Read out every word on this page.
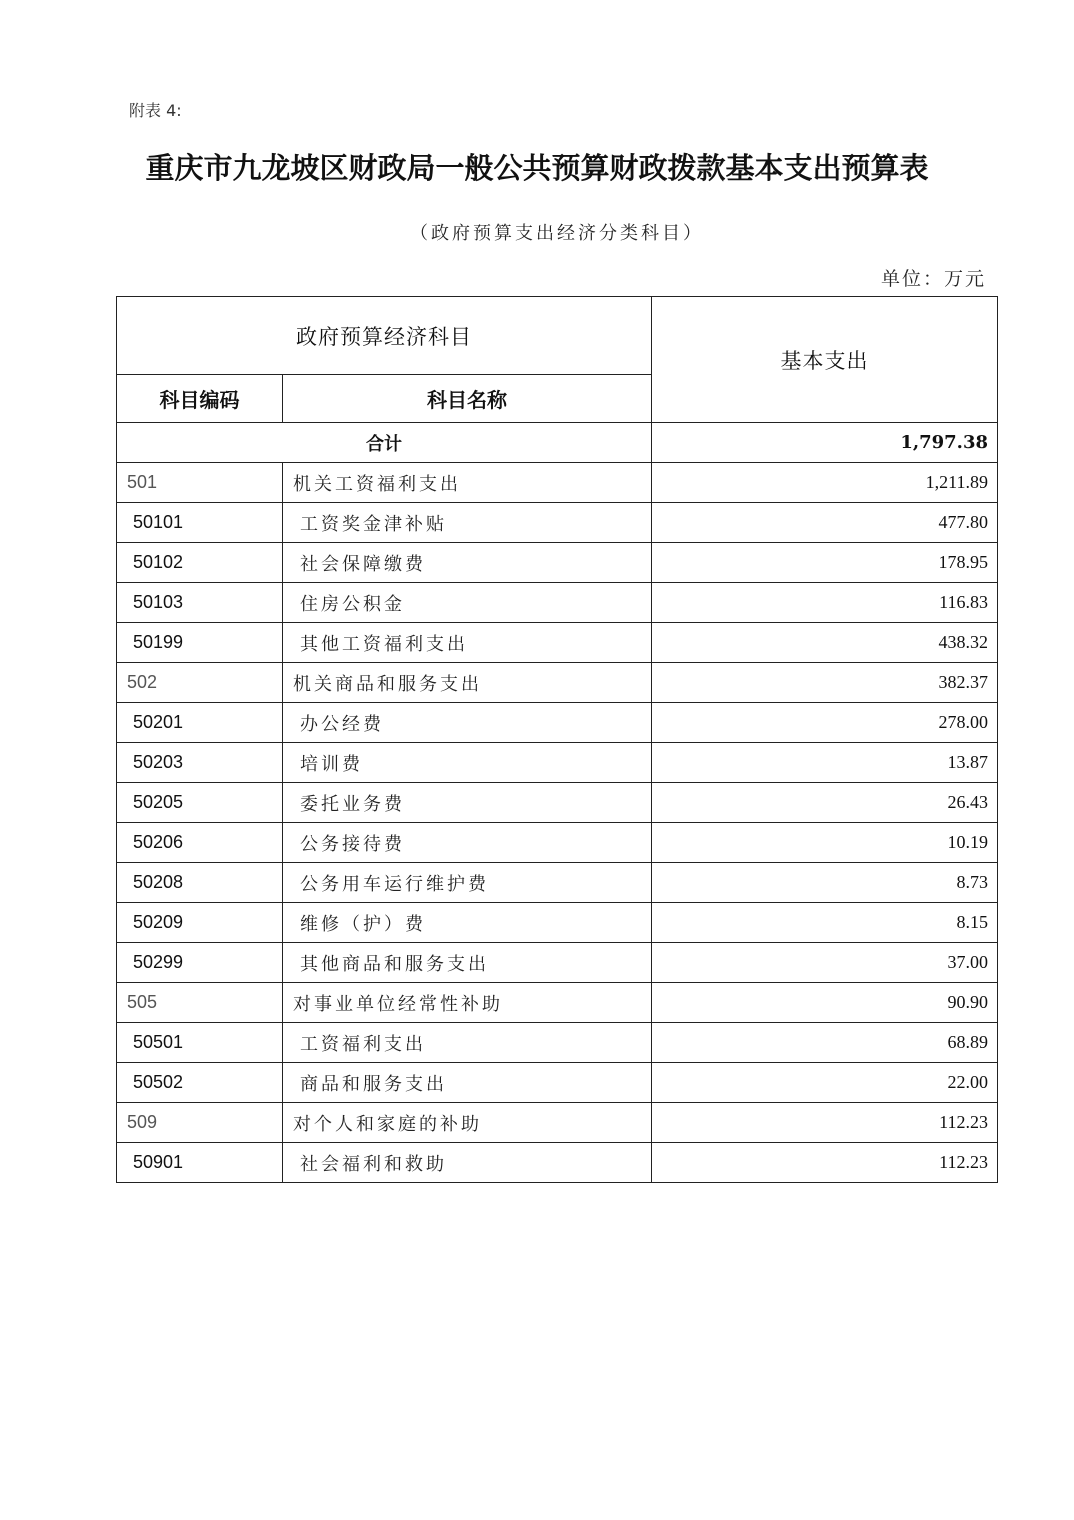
附表 4:
重庆市九龙坡区财政局一般公共预算财政拨款基本支出预算表
（政府预算支出经济分类科目）
单位：万元
政府预算经济科目		基本支出
科目编码	科目名称	
合计		1,797.38
501	机关工资福利支出	1,211.89
50101	工资奖金津补贴	477.80
50102	社会保障缴费	178.95
50103	住房公积金	116.83
50199	其他工资福利支出	438.32
502	机关商品和服务支出	382.37
50201	办公经费	278.00
50203	培训费	13.87
50205	委托业务费	26.43
50206	公务接待费	10.19
50208	公务用车运行维护费	8.73
50209	维修（护）费	8.15
50299	其他商品和服务支出	37.00
505	对事业单位经常性补助	90.90
50501	工资福利支出	68.89
50502	商品和服务支出	22.00
509	对个人和家庭的补助	112.23
50901	社会福利和救助	112.23
